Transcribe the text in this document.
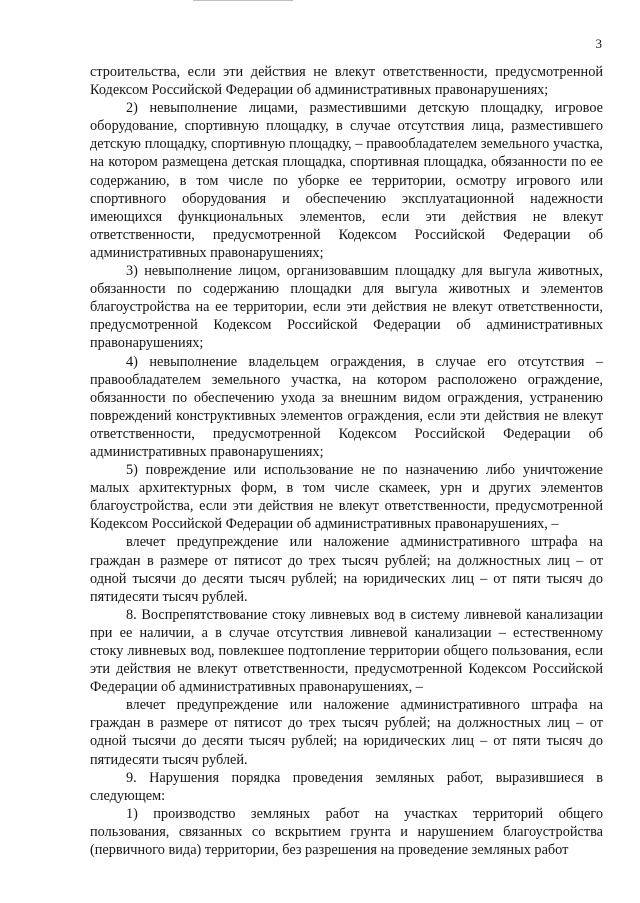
3

строительства, если эти действия не влекут ответственности, предусмотренной Кодексом Российской Федерации об административных правонарушениях;

2) невыполнение лицами, разместившими детскую площадку, игровое оборудование, спортивную площадку, в случае отсутствия лица, разместившего детскую площадку, спортивную площадку, – правообладателем земельного участка, на котором размещена детская площадка, спортивная площадка, обязанности по ее содержанию, в том числе по уборке ее территории, осмотру игрового или спортивного оборудования и обеспечению эксплуатационной надежности имеющихся функциональных элементов, если эти действия не влекут ответственности, предусмотренной Кодексом Российской Федерации об административных правонарушениях;

3) невыполнение лицом, организовавшим площадку для выгула животных, обязанности по содержанию площадки для выгула животных и элементов благоустройства на ее территории, если эти действия не влекут ответственности, предусмотренной Кодексом Российской Федерации об административных правонарушениях;

4) невыполнение владельцем ограждения, в случае его отсутствия – правообладателем земельного участка, на котором расположено ограждение, обязанности по обеспечению ухода за внешним видом ограждения, устранению повреждений конструктивных элементов ограждения, если эти действия не влекут ответственности, предусмотренной Кодексом Российской Федерации об административных правонарушениях;

5) повреждение или использование не по назначению либо уничтожение малых архитектурных форм, в том числе скамеек, урн и других элементов благоустройства, если эти действия не влекут ответственности, предусмотренной Кодексом Российской Федерации об административных правонарушениях, –

влечет предупреждение или наложение административного штрафа на граждан в размере от пятисот до трех тысяч рублей; на должностных лиц – от одной тысячи до десяти тысяч рублей; на юридических лиц – от пяти тысяч до пятидесяти тысяч рублей.

8. Воспрепятствование стоку ливневых вод в систему ливневой канализации при ее наличии, а в случае отсутствия ливневой канализации – естественному стоку ливневых вод, повлекшее подтопление территории общего пользования, если эти действия не влекут ответственности, предусмотренной Кодексом Российской Федерации об административных правонарушениях, –

влечет предупреждение или наложение административного штрафа на граждан в размере от пятисот до трех тысяч рублей; на должностных лиц – от одной тысячи до десяти тысяч рублей; на юридических лиц – от пяти тысяч до пятидесяти тысяч рублей.

9. Нарушения порядка проведения земляных работ, выразившиеся в следующем:

1) производство земляных работ на участках территорий общего пользования, связанных со вскрытием грунта и нарушением благоустройства (первичного вида) территории, без разрешения на проведение земляных работ
